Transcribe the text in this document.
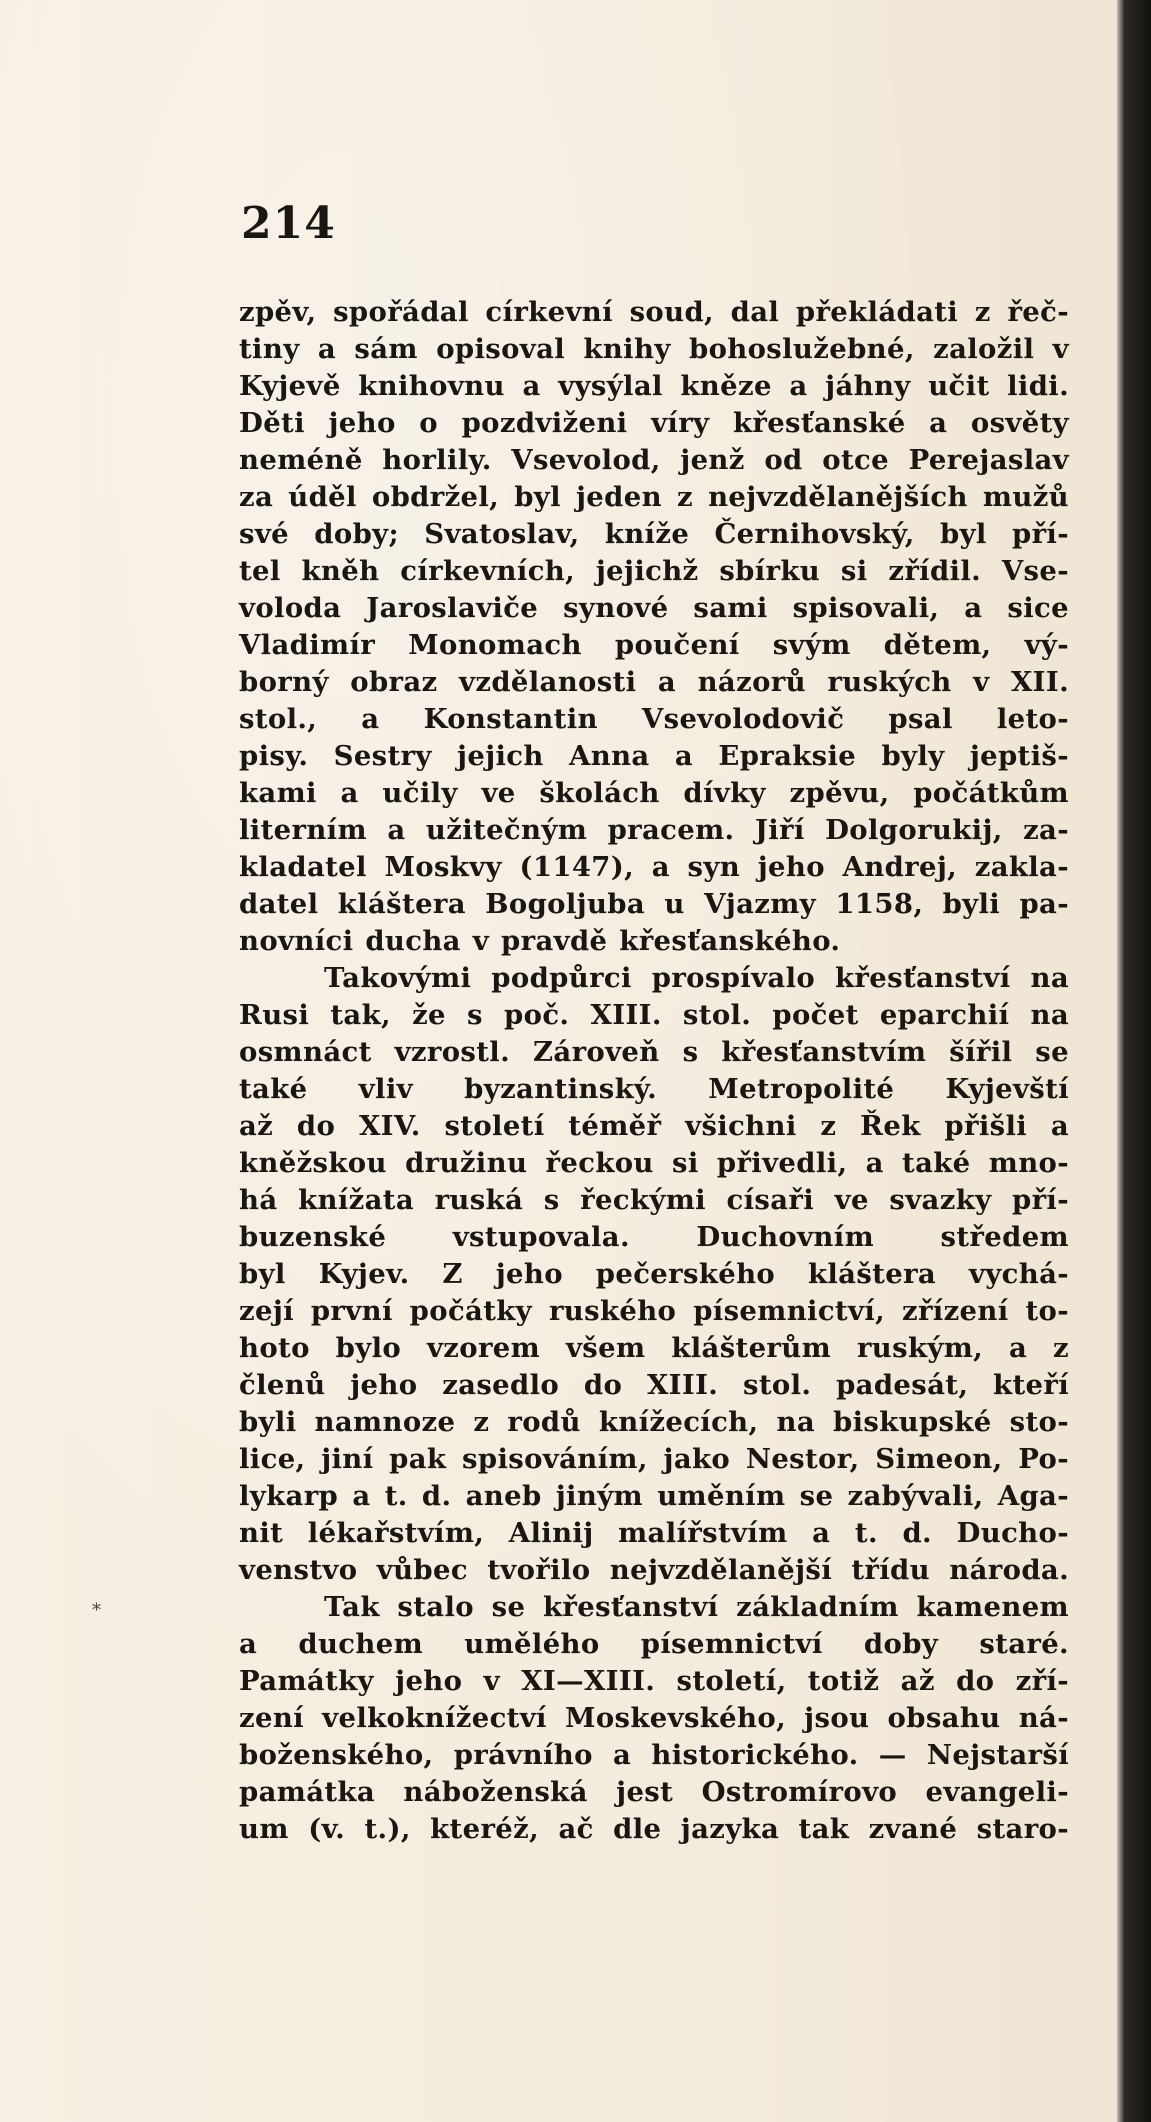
214
zpěv, spořádal církevní soud, dal překládati z řeč-
tiny a sám opisoval knihy bohoslužebné, založil v
Kyjevě knihovnu a vysýlal kněze a jáhny učit lidi.
Děti jeho o pozdviženi víry křesťanské a osvěty
neméně horlily. Vsevolod, jenž od otce Perejaslav
za úděl obdržel, byl jeden z nejvzdělanějších mužů
své doby; Svatoslav, kníže Černihovský, byl pří-
tel kněh církevních, jejichž sbírku si zřídil. Vse-
voloda Jaroslaviče synové sami spisovali, a sice
Vladimír Monomach poučení svým dětem, vý-
borný obraz vzdělanosti a názorů ruských v XII.
stol., a Konstantin Vsevolodovič psal leto-
pisy. Sestry jejich Anna a Epraksie byly jeptiš-
kami a učily ve školách dívky zpěvu, počátkům
literním a užitečným pracem. Jiří Dolgorukij, za-
kladatel Moskvy (1147), a syn jeho Andrej, zakla-
datel kláštera Bogoljuba u Vjazmy 1158, byli pa-
novníci ducha v pravdě křesťanského.
Takovými podpůrci prospívalo křesťanství na
Rusi tak, že s poč. XIII. stol. počet eparchií na
osmnáct vzrostl. Zároveň s křesťanstvím šířil se
také vliv byzantinský. Metropolité Kyjevští
až do XIV. století téměř všichni z Řek přišli a
kněžskou družinu řeckou si přivedli, a také mno-
há knížata ruská s řeckými císaři ve svazky pří-
buzenské vstupovala. Duchovním středem
byl Kyjev. Z jeho pečerského kláštera vychá-
zejí první počátky ruského písemnictví, zřízení to-
hoto bylo vzorem všem klášterům ruským, a z
členů jeho zasedlo do XIII. stol. padesát, kteří
byli namnoze z rodů knížecích, na biskupské sto-
lice, jiní pak spisováním, jako Nestor, Simeon, Po-
lykarp a t. d. aneb jiným uměním se zabývali, Aga-
nit lékařstvím, Alinij malířstvím a t. d. Ducho-
venstvo vůbec tvořilo nejvzdělanější třídu národa.
Tak stalo se křesťanství základním kamenem
a duchem umělého písemnictví doby staré.
Památky jeho v XI—XIII. století, totiž až do zří-
zení velkoknížectví Moskevského, jsou obsahu ná-
boženského, právního a historického. — Nejstarší
památka náboženská jest Ostromírovo evangeli-
um (v. t.), kteréž, ač dle jazyka tak zvané staro-
*
